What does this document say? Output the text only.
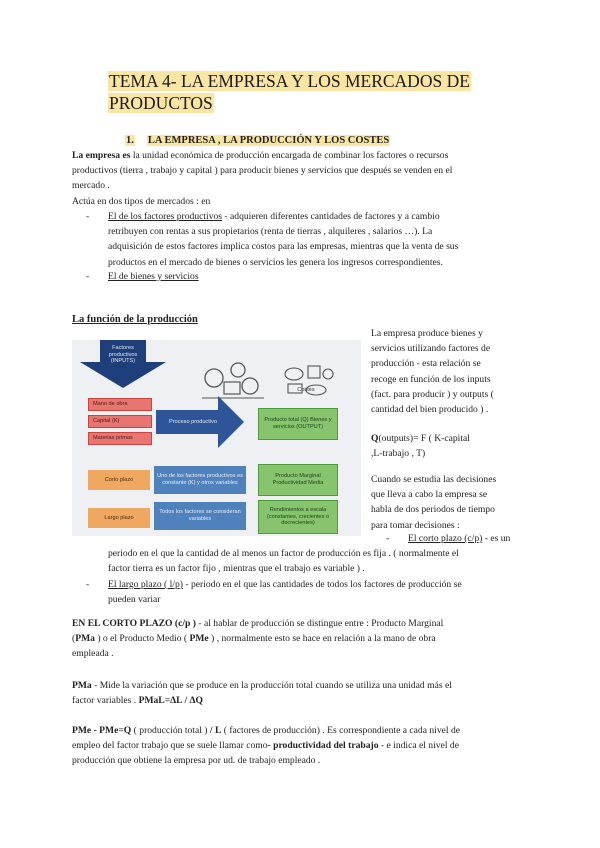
TEMA 4- LA EMPRESA Y LOS MERCADOS DE
PRODUCTOS
1. LA EMPRESA , LA PRODUCCIÓN Y LOS COSTES
La empresa es la unidad económica de producción encargada de combinar los factores o recursos
productivos (tierra , trabajo y capital ) para producir bienes y servicios que después se venden en el
mercado .
Actúa en dos tipos de mercados : en
- El de los factores productivos - adquieren diferentes cantidades de factores y a cambio
retribuyen con rentas a sus propietarios (renta de tierras , alquileres , salarios …). La
adquisición de estos factores implica costos para las empresas, mientras que la venta de sus
productos en el mercado de bienes o servicios les genera los ingresos correspondientes.
- El de bienes y servicios
La función de la producción
Factores productivos (INPUTS)
Costes
Mano de obra
Capital (K)
Materias primas
Proceso productivo	Producto total (Q) Bienes y servicios (OUTPUT)
Corto plazo
Uno de los factores productivos es constante (K) y otros variables
Producto Marginal Productividad Media
Largo plazo
Todos los factores se consideran variables
Rendimientos a escala (constantes, crecientes o decrecientes)
La empresa produce bienes y
servicios utilizando factores de
producción - esta relación se
recoge en función de los inputs
(fact. para producir ) y outputs (
cantidad del bien producido ) .
Q(outputs)= F ( K-capital
,L-trabajo , T)
Cuando se estudia las decisiones
que lleva a cabo la empresa se
habla de dos periodos de tiempo
para tomar decisiones :
- El corto plazo (c/p) - es un
periodo en el que la cantidad de al menos un factor de producción es fija . ( normalmente el
factor tierra es un factor fijo , mientras que el trabajo es variable ) .
- El largo plazo ( l/p) - periodo en el que las cantidades de todos los factores de producción se
pueden variar
EN EL CORTO PLAZO (c/p ) - al hablar de producción se distingue entre : Producto Marginal
(PMa ) o el Producto Medio ( PMe ) , normalmente esto se hace en relación a la mano de obra
empleada .
PMa - Mide la variación que se produce en la producción total cuando se utiliza una unidad más el
factor variables . PMaL=ΔL / ΔQ
PMe - PMe=Q ( producción total ) / L ( factores de producción) . Es correspondiente a cada nivel de
empleo del factor trabajo que se suele llamar como- productividad del trabajo - e indica el nivel de
producción que obtiene la empresa por ud. de trabajo empleado .
